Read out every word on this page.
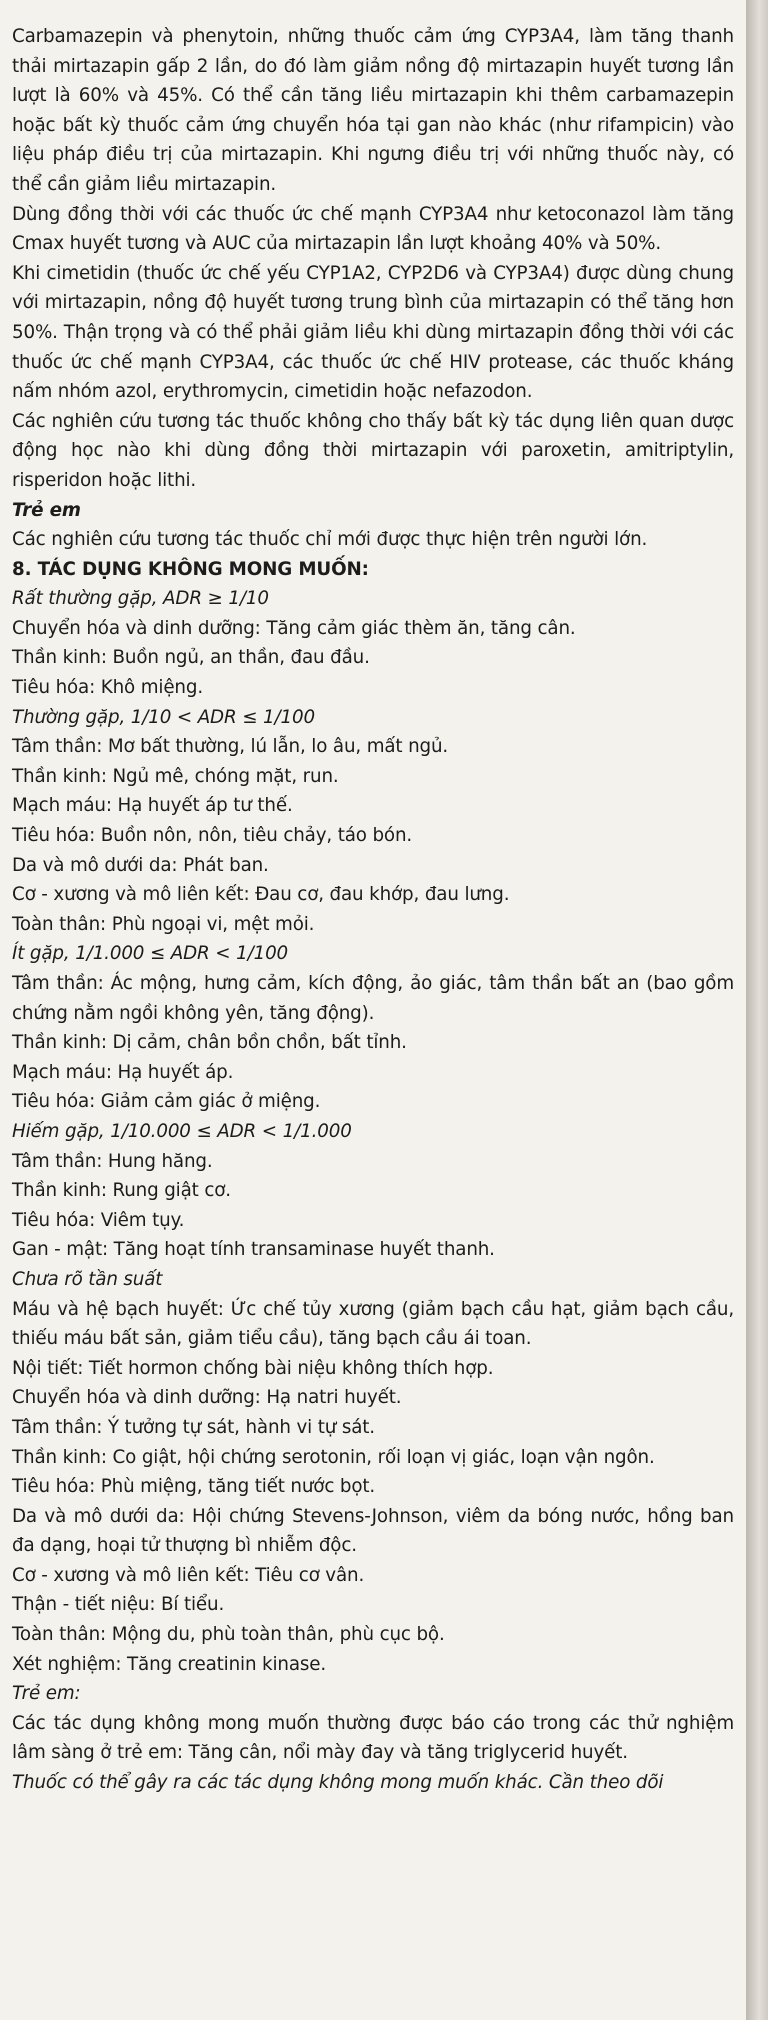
Carbamazepin và phenytoin, những thuốc cảm ứng CYP3A4, làm tăng thanh thải mirtazapin gấp 2 lần, do đó làm giảm nồng độ mirtazapin huyết tương lần lượt là 60% và 45%. Có thể cần tăng liều mirtazapin khi thêm carbamazepin hoặc bất kỳ thuốc cảm ứng chuyển hóa tại gan nào khác (như rifampicin) vào liệu pháp điều trị của mirtazapin. Khi ngưng điều trị với những thuốc này, có thể cần giảm liều mirtazapin.

Dùng đồng thời với các thuốc ức chế mạnh CYP3A4 như ketoconazol làm tăng Cmax huyết tương và AUC của mirtazapin lần lượt khoảng 40% và 50%.

Khi cimetidin (thuốc ức chế yếu CYP1A2, CYP2D6 và CYP3A4) được dùng chung với mirtazapin, nồng độ huyết tương trung bình của mirtazapin có thể tăng hơn 50%. Thận trọng và có thể phải giảm liều khi dùng mirtazapin đồng thời với các thuốc ức chế mạnh CYP3A4, các thuốc ức chế HIV protease, các thuốc kháng nấm nhóm azol, erythromycin, cimetidin hoặc nefazodon.

Các nghiên cứu tương tác thuốc không cho thấy bất kỳ tác dụng liên quan dược động học nào khi dùng đồng thời mirtazapin với paroxetin, amitriptylin, risperidon hoặc lithi.

Trẻ em

Các nghiên cứu tương tác thuốc chỉ mới được thực hiện trên người lớn.

8. TÁC DỤNG KHÔNG MONG MUỐN:

Rất thường gặp, ADR ≥ 1/10

Chuyển hóa và dinh dưỡng: Tăng cảm giác thèm ăn, tăng cân.

Thần kinh: Buồn ngủ, an thần, đau đầu.

Tiêu hóa: Khô miệng.

Thường gặp, 1/10 < ADR ≤ 1/100

Tâm thần: Mơ bất thường, lú lẫn, lo âu, mất ngủ.

Thần kinh: Ngủ mê, chóng mặt, run.

Mạch máu: Hạ huyết áp tư thế.

Tiêu hóa: Buồn nôn, nôn, tiêu chảy, táo bón.

Da và mô dưới da: Phát ban.

Cơ - xương và mô liên kết: Đau cơ, đau khớp, đau lưng.

Toàn thân: Phù ngoại vi, mệt mỏi.

Ít gặp, 1/1.000 ≤ ADR < 1/100

Tâm thần: Ác mộng, hưng cảm, kích động, ảo giác, tâm thần bất an (bao gồm chứng nằm ngồi không yên, tăng động).

Thần kinh: Dị cảm, chân bồn chồn, bất tỉnh.

Mạch máu: Hạ huyết áp.

Tiêu hóa: Giảm cảm giác ở miệng.

Hiếm gặp, 1/10.000 ≤ ADR < 1/1.000

Tâm thần: Hung hăng.

Thần kinh: Rung giật cơ.

Tiêu hóa: Viêm tụy.

Gan - mật: Tăng hoạt tính transaminase huyết thanh.

Chưa rõ tần suất

Máu và hệ bạch huyết: Ức chế tủy xương (giảm bạch cầu hạt, giảm bạch cầu, thiếu máu bất sản, giảm tiểu cầu), tăng bạch cầu ái toan.

Nội tiết: Tiết hormon chống bài niệu không thích hợp.

Chuyển hóa và dinh dưỡng: Hạ natri huyết.

Tâm thần: Ý tưởng tự sát, hành vi tự sát.

Thần kinh: Co giật, hội chứng serotonin, rối loạn vị giác, loạn vận ngôn.

Tiêu hóa: Phù miệng, tăng tiết nước bọt.

Da và mô dưới da: Hội chứng Stevens-Johnson, viêm da bóng nước, hồng ban đa dạng, hoại tử thượng bì nhiễm độc.

Cơ - xương và mô liên kết: Tiêu cơ vân.

Thận - tiết niệu: Bí tiểu.

Toàn thân: Mộng du, phù toàn thân, phù cục bộ.

Xét nghiệm: Tăng creatinin kinase.

Trẻ em:

Các tác dụng không mong muốn thường được báo cáo trong các thử nghiệm lâm sàng ở trẻ em: Tăng cân, nổi mày đay và tăng triglycerid huyết.

Thuốc có thể gây ra các tác dụng không mong muốn khác. Cần theo dõi
